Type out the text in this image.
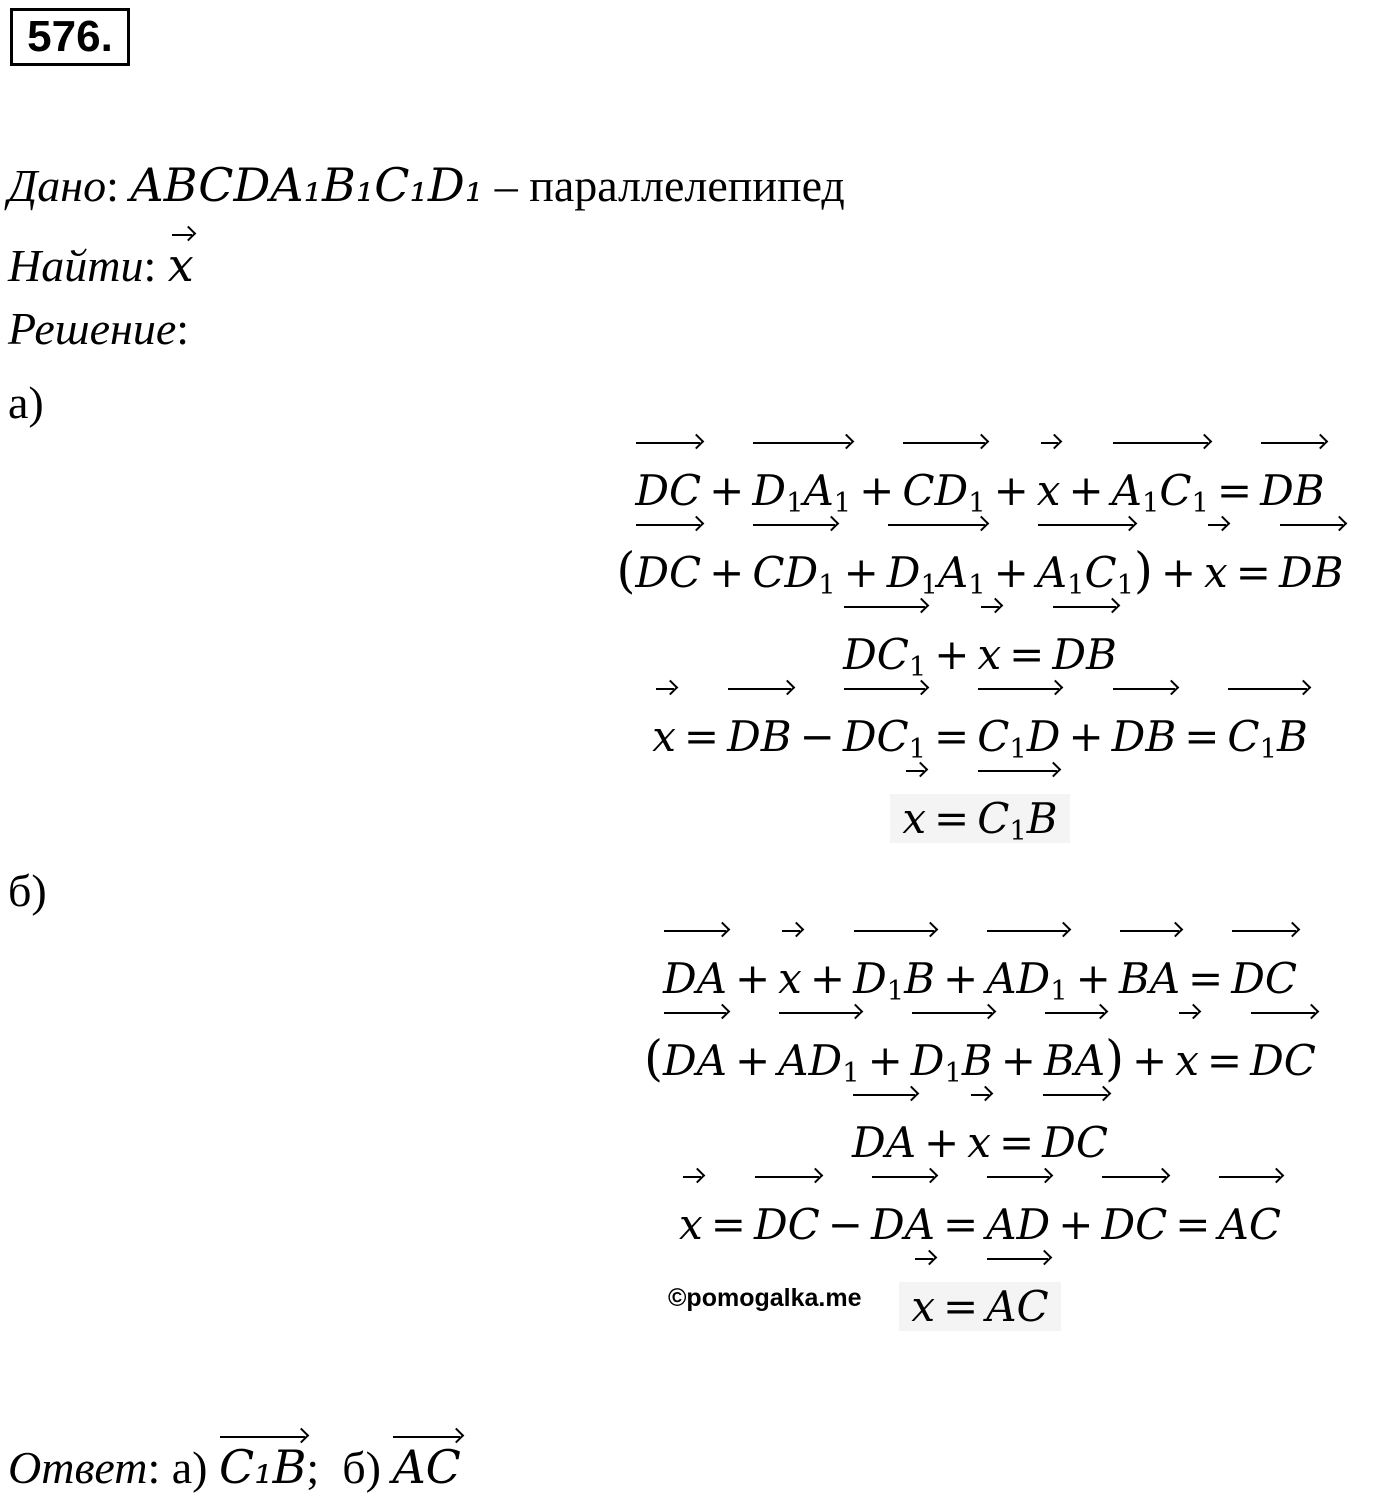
576.
Дано: ABCDA₁B₁C₁D₁ – параллелепипед
Найти:
x
Решение:
а)
DC + $D_1A_1 + CD_1 + x + A_1C_1$ = DB
(
DC + $CD_1 + D_1A_1 + A_1C_1) + x$ = DB
$DC_1 + x$ = DB
x = DB − $DC_1 = C_1D$ + DB = $C_1B$
$x = C_1B$
б)
DA + $x + D_1B + AD_1$ + BA = DC
(
DA + $AD_1 + D_1B + BA) + x$ = DC
DA + x = DC
x = DC − DA = AD + DC = AC
x = AC
©pomogalka.me
Ответ: а) C₁B;  б) AC
